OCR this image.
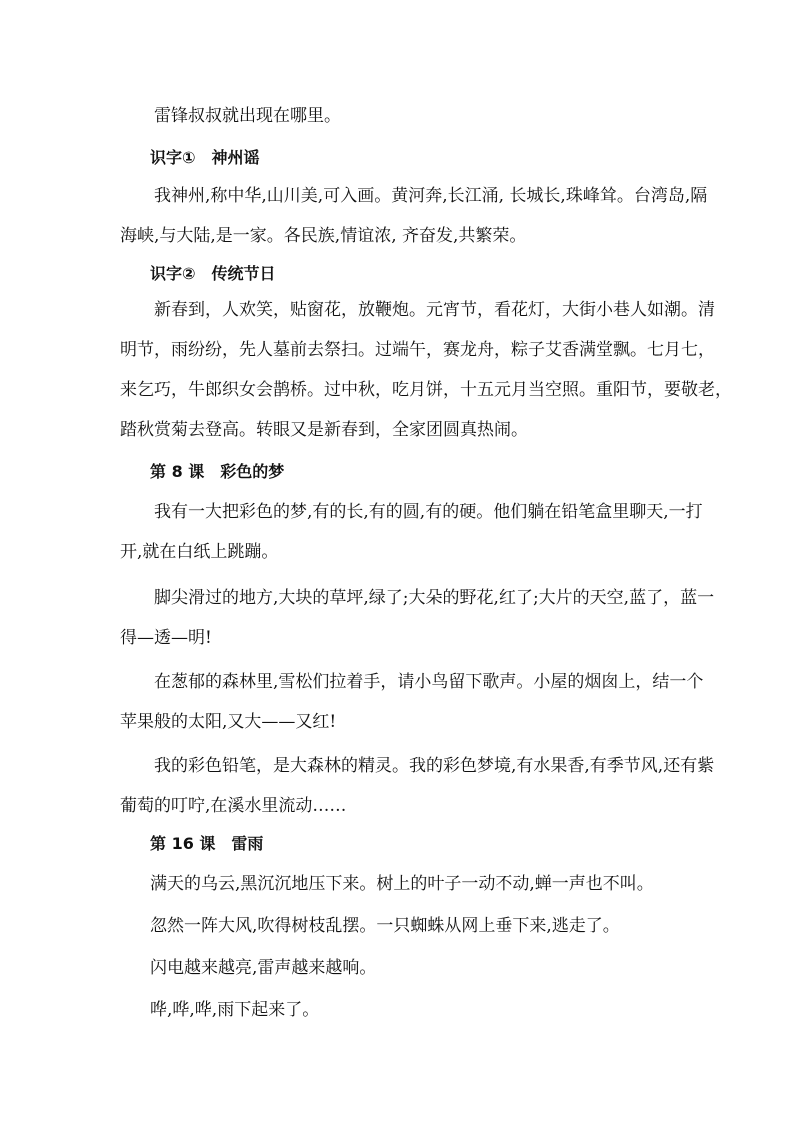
雷锋叔叔就出现在哪里。
识字①　神州谣
我神州,称中华,山川美,可入画。黄河奔,长江涌, 长城长,珠峰耸。台湾岛,隔
海峡,与大陆,是一家。各民族,情谊浓, 齐奋发,共繁荣。
识字②　传统节日
新春到，人欢笑，贴窗花，放鞭炮。元宵节，看花灯，大街小巷人如潮。清
明节，雨纷纷，先人墓前去祭扫。过端午，赛龙舟，粽子艾香满堂飘。七月七，
来乞巧，牛郎织女会鹊桥。过中秋，吃月饼，十五元月当空照。重阳节，要敬老，
踏秋赏菊去登高。转眼又是新春到，全家团圆真热闹。
第 8 课　彩色的梦
我有一大把彩色的梦,有的长,有的圆,有的硬。他们躺在铅笔盒里聊天,一打
开,就在白纸上跳蹦。
脚尖滑过的地方,大块的草坪,绿了;大朵的野花,红了;大片的天空,蓝了，蓝一
得—透—明!
在葱郁的森林里,雪松们拉着手，请小鸟留下歌声。小屋的烟囱上，结一个
苹果般的太阳,又大——又红!
我的彩色铅笔，是大森林的精灵。我的彩色梦境,有水果香,有季节风,还有紫
葡萄的叮咛,在溪水里流动……
第 16 课　雷雨
满天的乌云,黑沉沉地压下来。树上的叶子一动不动,蝉一声也不叫。
忽然一阵大风,吹得树枝乱摆。一只蜘蛛从网上垂下来,逃走了。
闪电越来越亮,雷声越来越响。
哗,哗,哗,雨下起来了。
